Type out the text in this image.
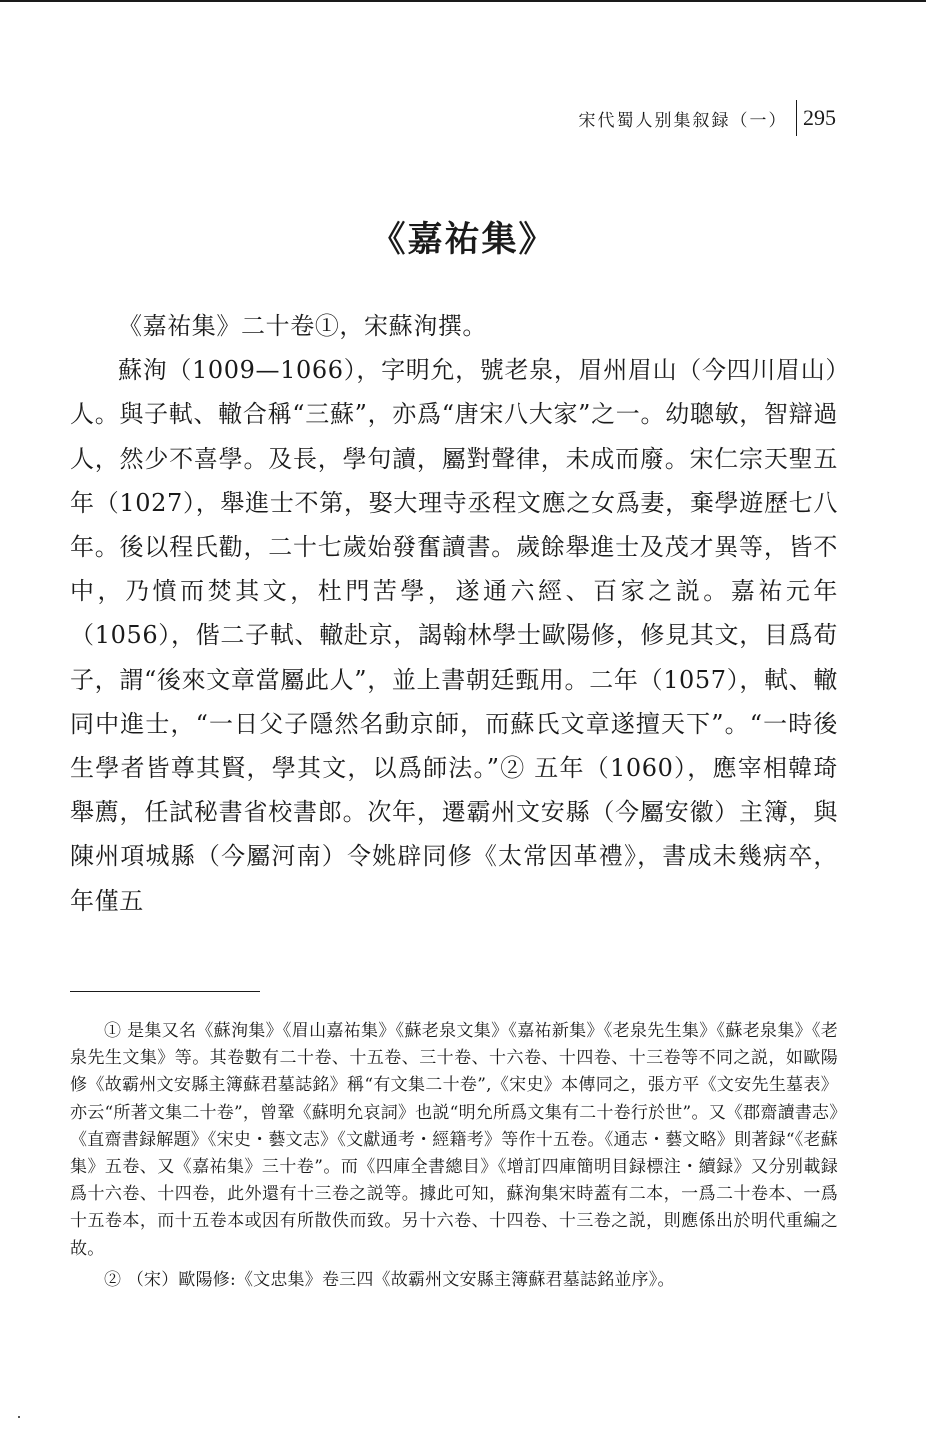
宋代蜀人别集叙録（一） 295
《嘉祐集》

《嘉祐集》二十卷①，宋蘇洵撰。

蘇洵（1009—1066），字明允，號老泉，眉州眉山（今四川眉山）人。與子軾、轍合稱“三蘇”，亦爲“唐宋八大家”之一。幼聰敏，智辯過人，然少不喜學。及長，學句讀，屬對聲律，未成而廢。宋仁宗天聖五年（1027），舉進士不第，娶大理寺丞程文應之女爲妻，棄學遊歷七八年。後以程氏勸，二十七歲始發奮讀書。歲餘舉進士及茂才異等，皆不中，乃憤而焚其文，杜門苦學，遂通六經、百家之説。嘉祐元年（1056），偕二子軾、轍赴京，謁翰林學士歐陽修，修見其文，目爲荀子，謂“後來文章當屬此人”，並上書朝廷甄用。二年（1057），軾、轍同中進士，“一日父子隱然名動京師，而蘇氏文章遂擅天下”。“一時後生學者皆尊其賢，學其文，以爲師法。”② 五年（1060），應宰相韓琦舉薦，任試秘書省校書郎。次年，遷霸州文安縣（今屬安徽）主簿，與陳州項城縣（今屬河南）令姚辟同修《太常因革禮》，書成未幾病卒，年僅五

① 是集又名《蘇洵集》《眉山嘉祐集》《蘇老泉文集》《嘉祐新集》《老泉先生集》《蘇老泉集》《老泉先生文集》等。其卷數有二十卷、十五卷、三十卷、十六卷、十四卷、十三卷等不同之説，如歐陽修《故霸州文安縣主簿蘇君墓誌銘》稱“有文集二十卷”,《宋史》本傳同之，張方平《文安先生墓表》亦云“所著文集二十卷”，曾鞏《蘇明允哀詞》也説“明允所爲文集有二十卷行於世”。又《郡齋讀書志》《直齋書録解題》《宋史・藝文志》《文獻通考・經籍考》等作十五卷。《通志・藝文略》則著録“《老蘇集》五卷、又《嘉祐集》三十卷”。而《四庫全書總目》《增訂四庫簡明目録標注・續録》又分别載録爲十六卷、十四卷，此外還有十三卷之説等。據此可知，蘇洵集宋時蓋有二本，一爲二十卷本、一爲十五卷本，而十五卷本或因有所散佚而致。另十六卷、十四卷、十三卷之説，則應係出於明代重編之故。

② （宋）歐陽修:《文忠集》卷三四《故霸州文安縣主簿蘇君墓誌銘並序》。
